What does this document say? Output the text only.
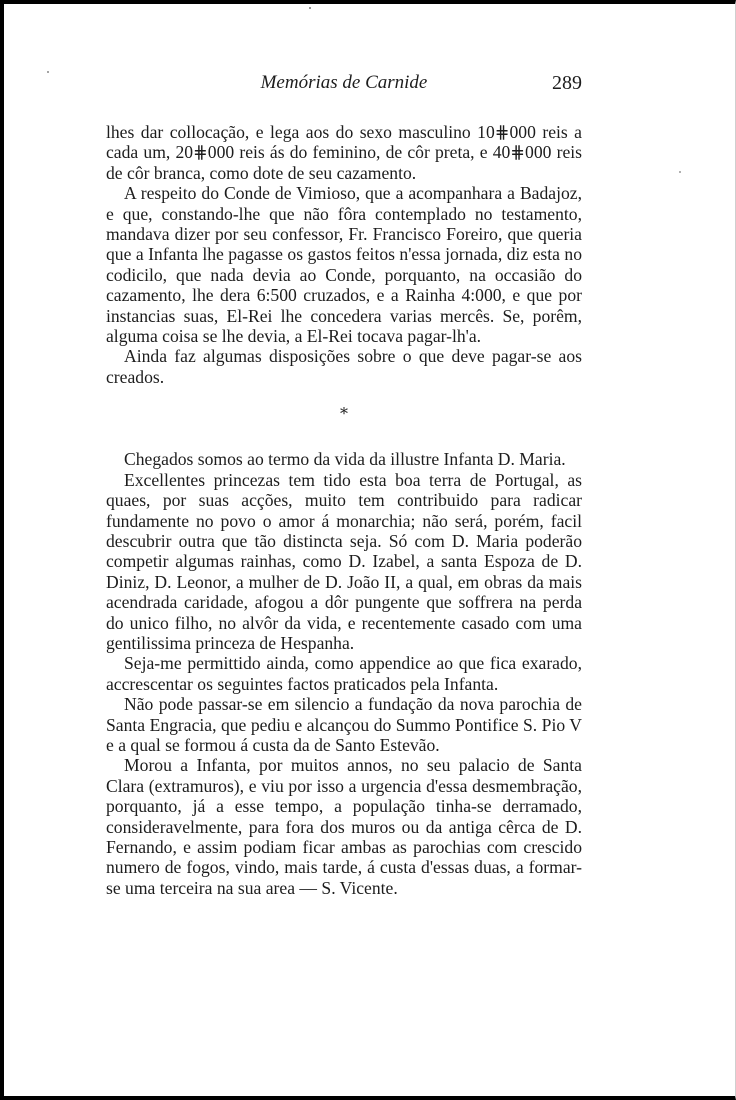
Memórias de Carnide	289

lhes dar collocação, e lega aos do sexo masculino 10⋕000 reis a cada um, 20⋕000 reis ás do feminino, de côr preta, e 40⋕000 reis de côr branca, como dote de seu cazamento.

A respeito do Conde de Vimioso, que a acompanhara a Badajoz, e que, constando-lhe que não fôra contemplado no testamento, mandava dizer por seu confessor, Fr. Francisco Foreiro, que queria que a Infanta lhe pagasse os gastos feitos n'essa jornada, diz esta no codicilo, que nada devia ao Conde, porquanto, na occasião do cazamento, lhe dera 6:500 cruzados, e a Rainha 4:000, e que por instancias suas, El-Rei lhe concedera varias mercês. Se, porêm, alguma coisa se lhe devia, a El-Rei tocava pagar-lh'a.

Ainda faz algumas disposições sobre o que deve pagar-se aos creados.

*

Chegados somos ao termo da vida da illustre Infanta D. Maria.

Excellentes princezas tem tido esta boa terra de Portugal, as quaes, por suas acções, muito tem contribuido para radicar fundamente no povo o amor á monarchia; não será, porém, facil descubrir outra que tão distincta seja. Só com D. Maria poderão competir algumas rainhas, como D. Izabel, a santa Espoza de D. Diniz, D. Leonor, a mulher de D. João II, a qual, em obras da mais acendrada caridade, afogou a dôr pungente que soffrera na perda do unico filho, no alvôr da vida, e recentemente casado com uma gentilissima princeza de Hespanha.

Seja-me permittido ainda, como appendice ao que fica exarado, accrescentar os seguintes factos praticados pela Infanta.

Não pode passar-se em silencio a fundação da nova parochia de Santa Engracia, que pediu e alcançou do Summo Pontifice S. Pio V e a qual se formou á custa da de Santo Estevão.

Morou a Infanta, por muitos annos, no seu palacio de Santa Clara (extramuros), e viu por isso a urgencia d'essa desmembração, porquanto, já a esse tempo, a população tinha-se derramado, consideravelmente, para fora dos muros ou da antiga cêrca de D. Fernando, e assim podiam ficar ambas as parochias com crescido numero de fogos, vindo, mais tarde, á custa d'essas duas, a formar-se uma terceira na sua area — S. Vicente.
